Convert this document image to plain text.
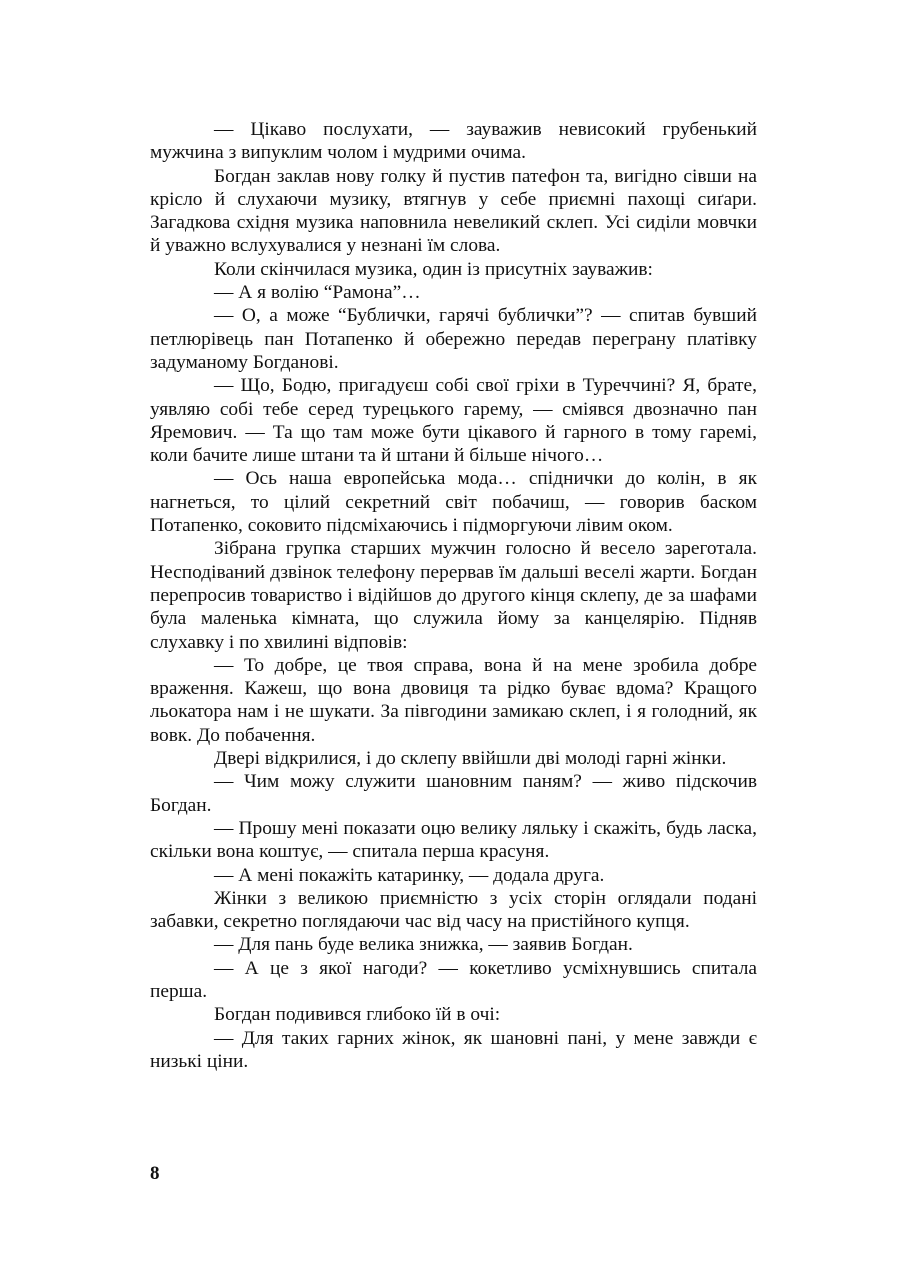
— Цікаво послухати, — зауважив невисокий грубенький мужчина з випуклим чолом і мудрими очима.

Богдан заклав нову голку й пустив патефон та, вигідно сівши на крісло й слухаючи музику, втягнув у себе приємні пахощі сиґари. Загадкова східня музика наповнила невеликий склеп. Усі сиділи мовчки й уважно вслухувалися у незнані їм слова.

Коли скінчилася музика, один із присутніх зауважив:

— А я волію “Рамона”…

— О, а може “Бублички, гарячі бублички”? — спитав бувший петлюрівець пан Потапенко й обережно передав переграну платівку задуманому Богданові.

— Що, Бодю, пригадуєш собі свої гріхи в Туреччині? Я, брате, уявляю собі тебе серед турецького гарему, — сміявся двозначно пан Яремович. — Та що там може бути цікавого й гарного в тому гаремі, коли бачите лише штани та й штани й більше нічого…

— Ось наша европейська мода… спіднички до колін, в як нагнеться, то цілий секретний світ побачиш, — говорив баском Потапенко, соковито підсміхаючись і підморгуючи лівим оком.

Зібрана групка старших мужчин голосно й весело зареготала. Несподіваний дзвінок телефону перервав їм дальші веселі жарти. Богдан перепросив товариство і відійшов до другого кінця склепу, де за шафами була маленька кімната, що служила йому за канцелярію. Підняв слухавку і по хвилині відповів:

— То добре, це твоя справа, вона й на мене зробила добре враження. Кажеш, що вона двовиця та рідко буває вдома? Кращого льокатора нам і не шукати. За півгодини замикаю склеп, і я голодний, як вовк. До побачення.

Двері відкрилися, і до склепу ввійшли дві молоді гарні жінки.

— Чим можу служити шановним паням? — живо підскочив Богдан.

— Прошу мені показати оцю велику ляльку і скажіть, будь ласка, скільки вона коштує, — спитала перша красуня.

— А мені покажіть катаринку, — додала друга.

Жінки з великою приємністю з усіх сторін оглядали подані забавки, секретно поглядаючи час від часу на пристійного купця.

— Для пань буде велика знижка, — заявив Богдан.

— А це з якої нагоди? — кокетливо усміхнувшись спитала перша.

Богдан подивився глибоко їй в очі:

— Для таких гарних жінок, як шановні пані, у мене завжди є низькі ціни.

8
